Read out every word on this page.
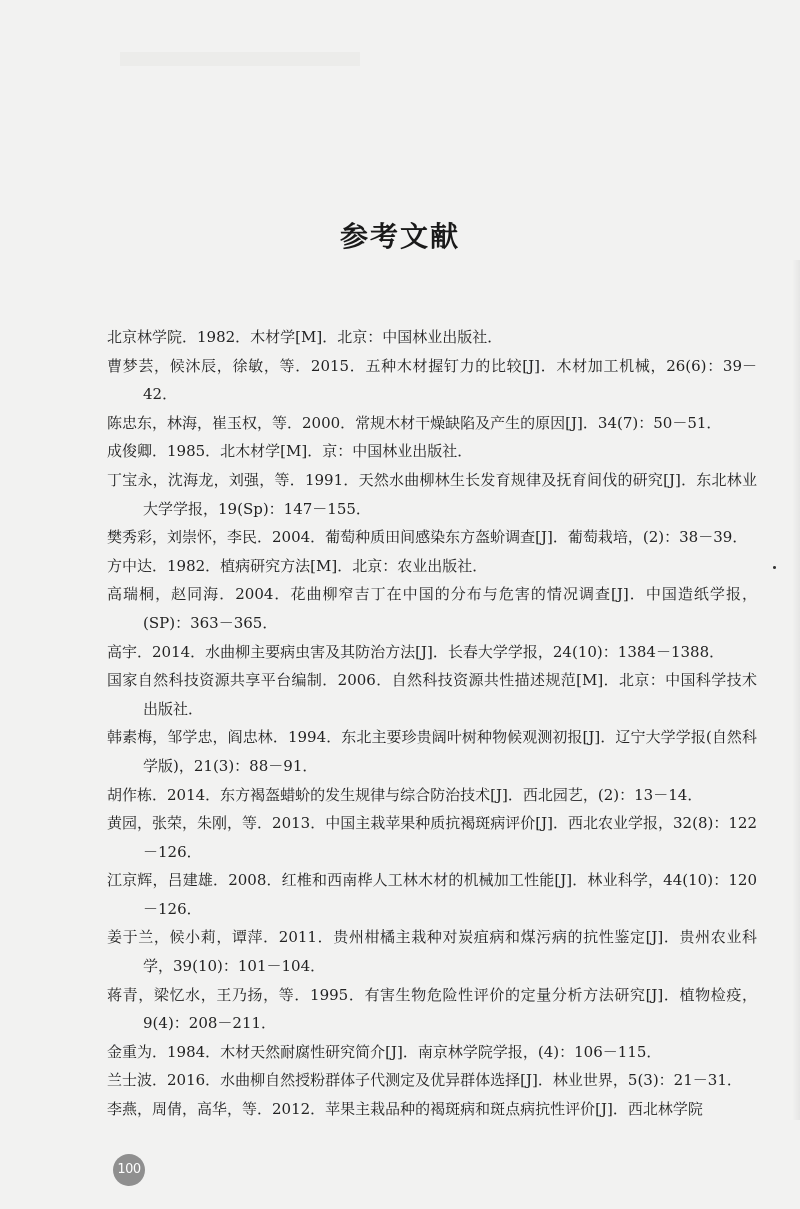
参考文献

北京林学院．1982．木材学[M]．北京：中国林业出版社．

曹梦芸，候沐辰，徐敏，等．2015．五种木材握钉力的比较[J]．木材加工机械，26(6)：39－42．

陈忠东，林海，崔玉权，等．2000．常规木材干燥缺陷及产生的原因[J]．34(7)：50－51．

成俊卿．1985．北木材学[M]．京：中国林业出版社．

丁宝永，沈海龙，刘强，等．1991．天然水曲柳林生长发育规律及抚育间伐的研究[J]．东北林业大学学报，19(Sp)：147－155．

樊秀彩，刘崇怀，李民．2004．葡萄种质田间感染东方盔蚧调查[J]．葡萄栽培，(2)：38－39．

方中达．1982．植病研究方法[M]．北京：农业出版社．

高瑞桐，赵同海．2004．花曲柳窄吉丁在中国的分布与危害的情况调查[J]．中国造纸学报，(SP)：363－365．

高宇．2014．水曲柳主要病虫害及其防治方法[J]．长春大学学报，24(10)：1384－1388．

国家自然科技资源共享平台编制．2006．自然科技资源共性描述规范[M]．北京：中国科学技术出版社．

韩素梅，邹学忠，阎忠林．1994．东北主要珍贵阔叶树种物候观测初报[J]．辽宁大学学报(自然科学版)，21(3)：88－91．

胡作栋．2014．东方褐盔蜡蚧的发生规律与综合防治技术[J]．西北园艺，(2)：13－14．

黄园，张荣，朱刚，等．2013．中国主栽苹果种质抗褐斑病评价[J]．西北农业学报，32(8)：122－126．

江京辉，吕建雄．2008．红椎和西南桦人工林木材的机械加工性能[J]．林业科学，44(10)：120－126．

姜于兰，候小莉，谭萍．2011．贵州柑橘主栽种对炭疽病和煤污病的抗性鉴定[J]．贵州农业科学，39(10)：101－104．

蒋青，梁忆水，王乃扬，等．1995．有害生物危险性评价的定量分析方法研究[J]．植物检疫，9(4)：208－211．

金重为．1984．木材天然耐腐性研究简介[J]．南京林学院学报，(4)：106－115．

兰士波．2016．水曲柳自然授粉群体子代测定及优异群体选择[J]．林业世界，5(3)：21－31．

李燕，周倩，高华，等．2012．苹果主栽品种的褐斑病和斑点病抗性评价[J]．西北林学院

100
